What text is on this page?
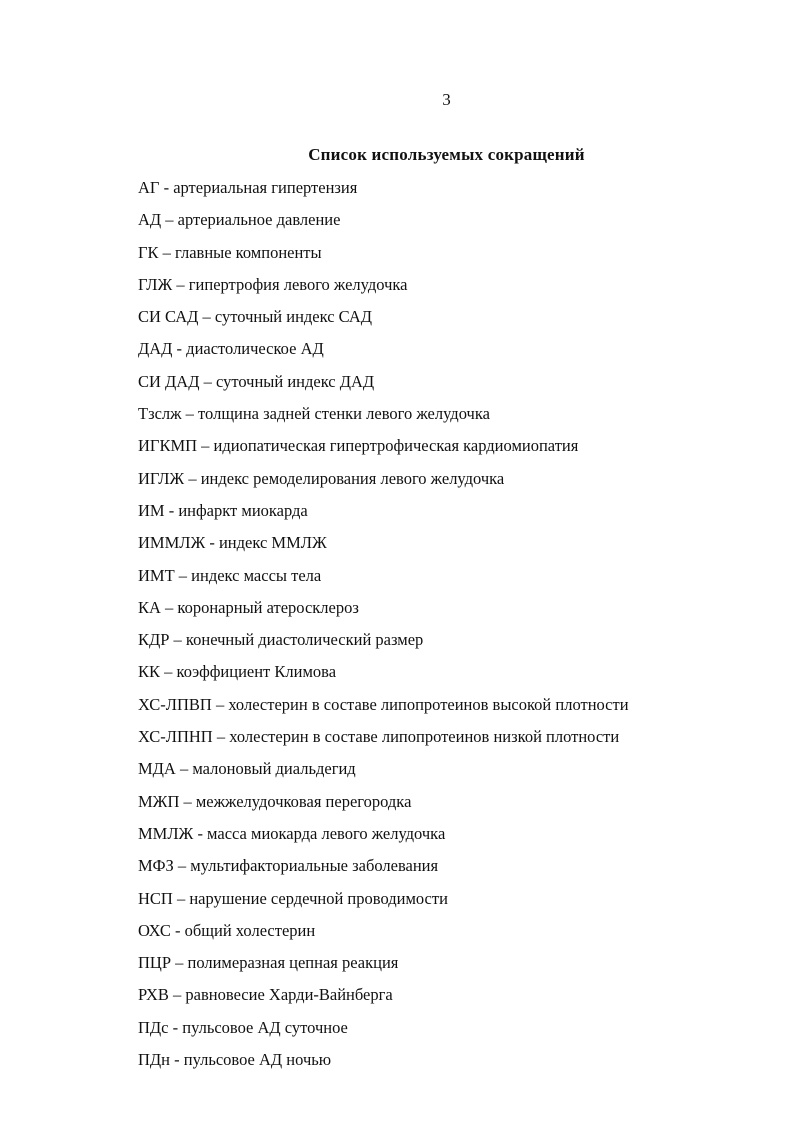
3
Список используемых сокращений
АГ - артериальная гипертензия
АД – артериальное давление
ГК – главные компоненты
ГЛЖ – гипертрофия левого желудочка
СИ САД – суточный индекс САД
ДАД - диастолическое АД
СИ ДАД – суточный индекс ДАД
Тзслж – толщина задней стенки левого желудочка
ИГКМП – идиопатическая гипертрофическая кардиомиопатия
ИГЛЖ – индекс ремоделирования левого желудочка
ИМ - инфаркт миокарда
ИММЛЖ - индекс ММЛЖ
ИМТ – индекс массы тела
КА – коронарный атеросклероз
КДР – конечный диастолический размер
КК – коэффициент Климова
ХС-ЛПВП – холестерин в составе липопротеинов высокой плотности
ХС-ЛПНП – холестерин в составе липопротеинов низкой плотности
МДА – малоновый диальдегид
МЖП – межжелудочковая перегородка
ММЛЖ - масса миокарда левого желудочка
МФЗ – мультифакториальные заболевания
НСП – нарушение сердечной проводимости
ОХС - общий холестерин
ПЦР – полимеразная цепная реакция
РХВ – равновесие Харди-Вайнберга
ПДс - пульсовое АД суточное
ПДн - пульсовое АД ночью
